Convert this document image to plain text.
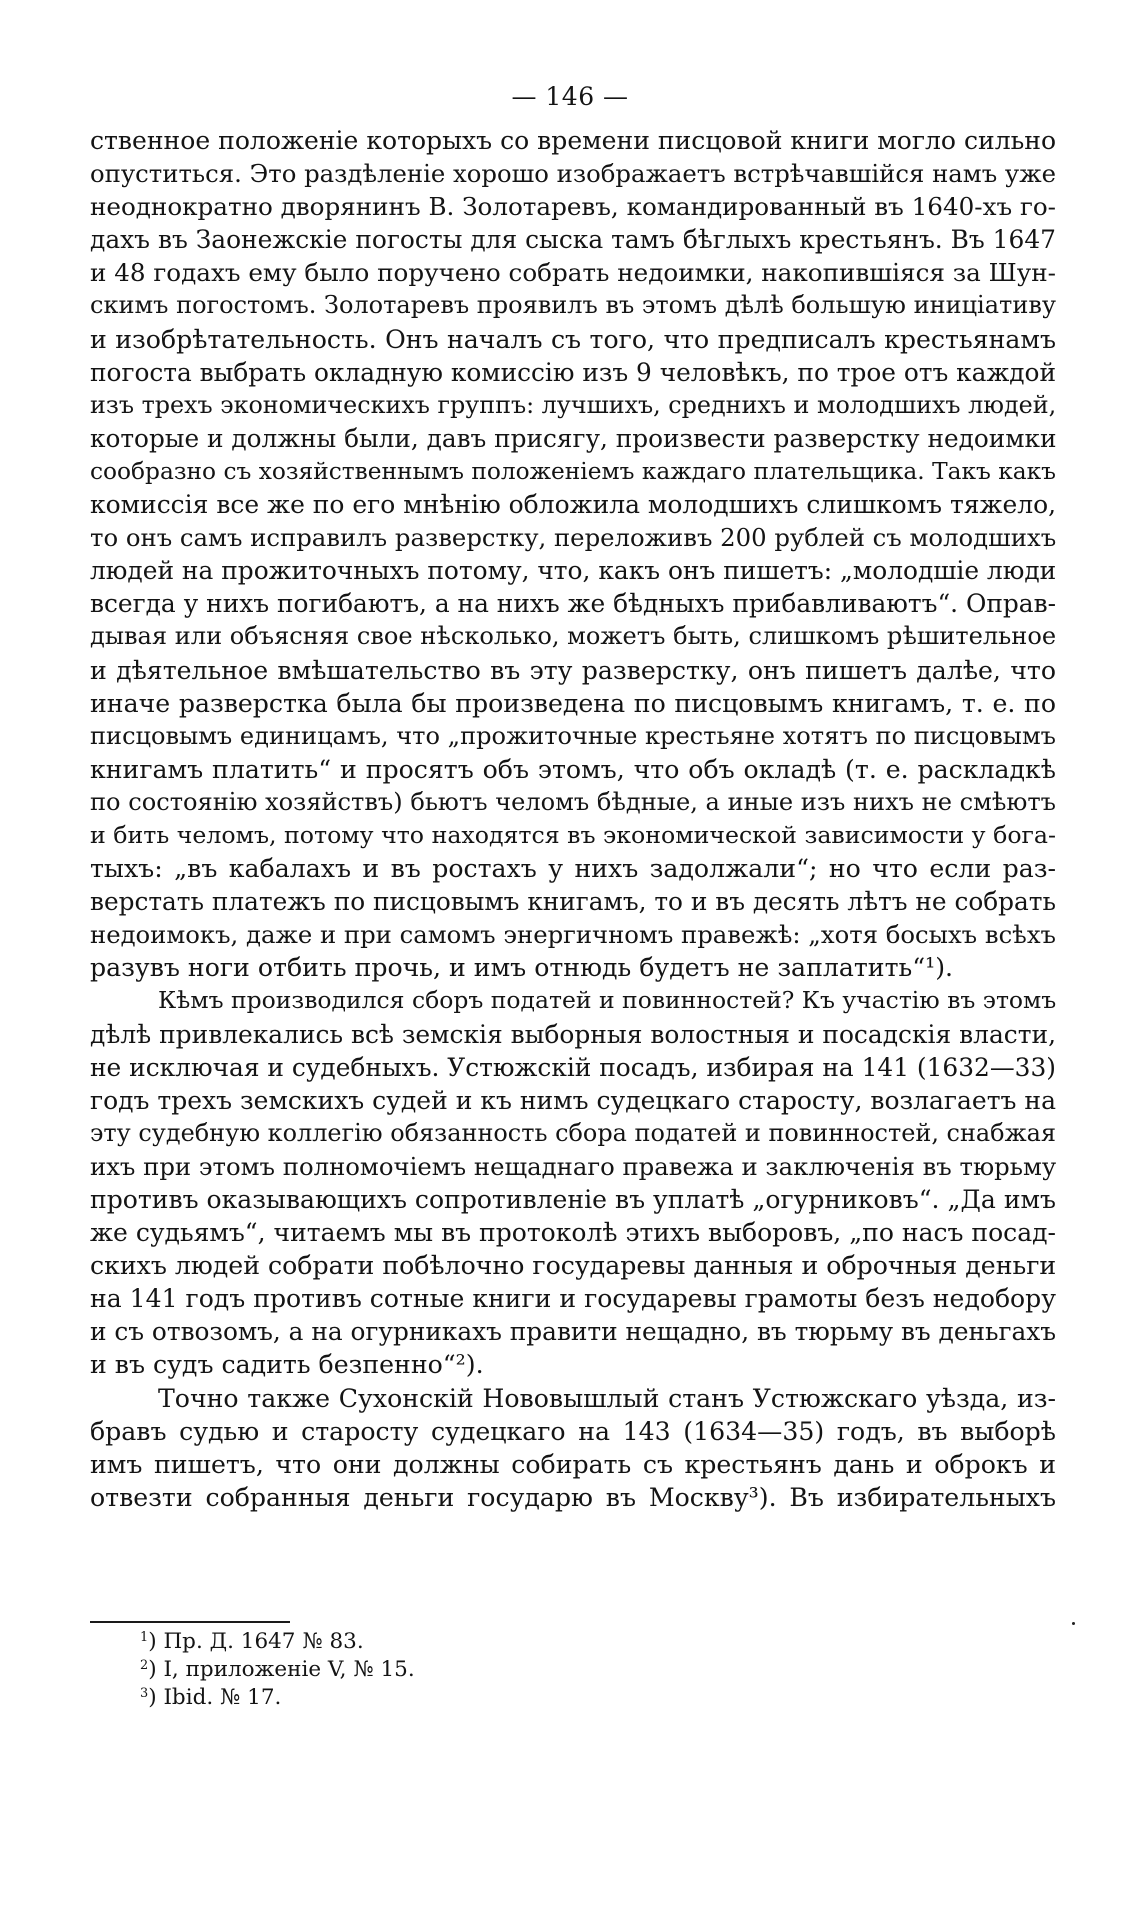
— 146 —
ственное положеніе которыхъ со времени писцовой книги могло сильно
опуститься. Это раздѣленіе хорошо изображаетъ встрѣчавшійся намъ уже
неоднократно дворянинъ В. Золотаревъ, командированный въ 1640-хъ го-
дахъ въ Заонежскіе погосты для сыска тамъ бѣглыхъ крестьянъ. Въ 1647
и 48 годахъ ему было поручено собрать недоимки, накопившіяся за Шун-
скимъ погостомъ. Золотаревъ проявилъ въ этомъ дѣлѣ большую иниціативу
и изобрѣтательность. Онъ началъ съ того, что предписалъ крестьянамъ
погоста выбрать окладную комиссію изъ 9 человѣкъ, по трое отъ каждой
изъ трехъ экономическихъ группъ: лучшихъ, среднихъ и молодшихъ людей,
которые и должны были, давъ присягу, произвести разверстку недоимки
сообразно съ хозяйственнымъ положеніемъ каждаго плательщика. Такъ какъ
комиссія все же по его мнѣнію обложила молодшихъ слишкомъ тяжело,
то онъ самъ исправилъ разверстку, переложивъ 200 рублей съ молодшихъ
людей на прожиточныхъ потому, что, какъ онъ пишетъ: „молодшіе люди
всегда у нихъ погибаютъ, а на нихъ же бѣдныхъ прибавливаютъ“. Оправ-
дывая или объясняя свое нѣсколько, можетъ быть, слишкомъ рѣшительное
и дѣятельное вмѣшательство въ эту разверстку, онъ пишетъ далѣе, что
иначе разверстка была бы произведена по писцовымъ книгамъ, т. е. по
писцовымъ единицамъ, что „прожиточные крестьяне хотятъ по писцовымъ
книгамъ платить“ и просятъ объ этомъ, что объ окладѣ (т. е. раскладкѣ
по состоянію хозяйствъ) бьютъ челомъ бѣдные, а иные изъ нихъ не смѣютъ
и бить челомъ, потому что находятся въ экономической зависимости у бога-
тыхъ: „въ кабалахъ и въ ростахъ у нихъ задолжали“; но что если раз-
верстать платежъ по писцовымъ книгамъ, то и въ десять лѣтъ не собрать
недоимокъ, даже и при самомъ энергичномъ правежѣ: „хотя босыхъ всѣхъ
разувъ ноги отбить прочь, и имъ отнюдь будетъ не заплатить“¹).
Кѣмъ производился сборъ податей и повинностей? Къ участію въ этомъ
дѣлѣ привлекались всѣ земскія выборныя волостныя и посадскія власти,
не исключая и судебныхъ. Устюжскій посадъ, избирая на 141 (1632—33)
годъ трехъ земскихъ судей и къ нимъ судецкаго старосту, возлагаетъ на
эту судебную коллегію обязанность сбора податей и повинностей, снабжая
ихъ при этомъ полномочіемъ нещаднаго правежа и заключенія въ тюрьму
противъ оказывающихъ сопротивленіе въ уплатѣ „огурниковъ“. „Да имъ
же судьямъ“, читаемъ мы въ протоколѣ этихъ выборовъ, „по насъ посад-
скихъ людей собрати побѣлочно государевы данныя и оброчныя деньги
на 141 годъ противъ сотные книги и государевы грамоты безъ недобору
и съ отвозомъ, а на огурникахъ правити нещадно, въ тюрьму въ деньгахъ
и въ судъ садить безпенно“²).
Точно также Сухонскій Нововышлый станъ Устюжскаго уѣзда, из-
бравъ судью и старосту судецкаго на 143 (1634—35) годъ, въ выборѣ
имъ пишетъ, что они должны собирать съ крестьянъ дань и оброкъ и
отвезти собранныя деньги государю въ Москву³). Въ избирательныхъ
$^1$) Пр. Д. 1647 № 83.
$^2$) I, приложеніе V, № 15.
$^3$) Ibid. № 17.
